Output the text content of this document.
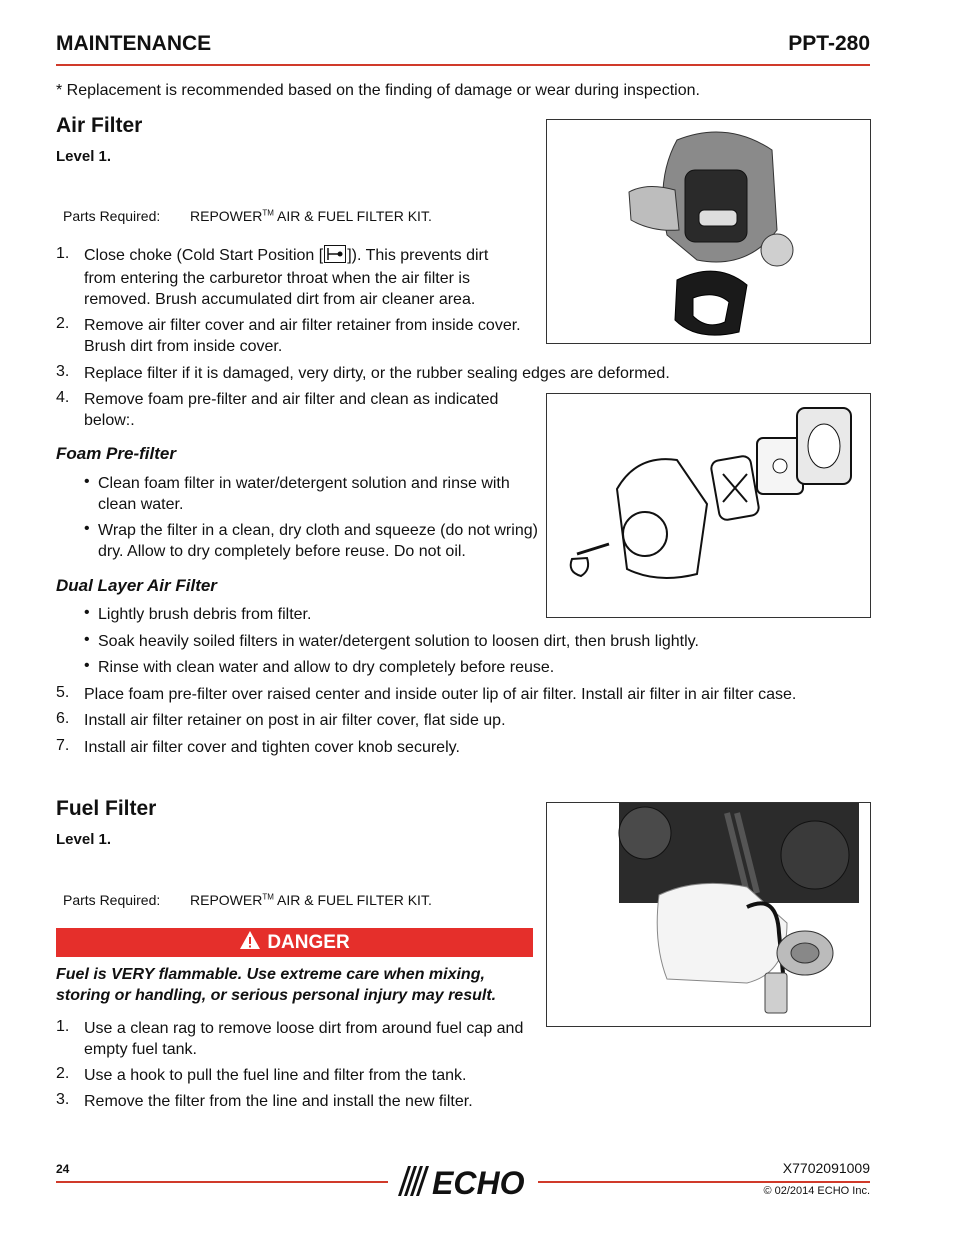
MAINTENANCE	PPT-280
* Replacement is recommended based on the finding of damage or wear during inspection.
Air Filter
Level 1.
Parts Required: REPOWER™ AIR & FUEL FILTER KIT.
1. Close choke (Cold Start Position [ ]). This prevents dirt
from entering the carburetor throat when the air filter is removed. Brush accumulated dirt from air cleaner area.
2. Remove air filter cover and air filter retainer from inside cover. Brush dirt from inside cover.
3. Replace filter if it is damaged, very dirty, or the rubber sealing edges are deformed.
4. Remove foam pre-filter and air filter and clean as indicated below:.
Foam Pre-filter
• Clean foam filter in water/detergent solution and rinse with clean water.
• Wrap the filter in a clean, dry cloth and squeeze (do not wring) dry. Allow to dry completely before reuse. Do not oil.
Dual Layer Air Filter
• Lightly brush debris from filter.
• Soak heavily soiled filters in water/detergent solution to loosen dirt, then brush lightly.
• Rinse with clean water and allow to dry completely before reuse.
5. Place foam pre-filter over raised center and inside outer lip of air filter. Install air filter in air filter case.
6. Install air filter retainer on post in air filter cover, flat side up.
7. Install air filter cover and tighten cover knob securely.
Fuel Filter
Level 1.
Parts Required: REPOWER™ AIR & FUEL FILTER KIT.
DANGER
Fuel is VERY flammable. Use extreme care when mixing, storing or handling, or serious personal injury may result.
1. Use a clean rag to remove loose dirt from around fuel cap and empty fuel tank.
2. Use a hook to pull the fuel line and filter from the tank.
3. Remove the filter from the line and install the new filter.
24	ECHO	X7702091009
© 02/2014 ECHO Inc.
